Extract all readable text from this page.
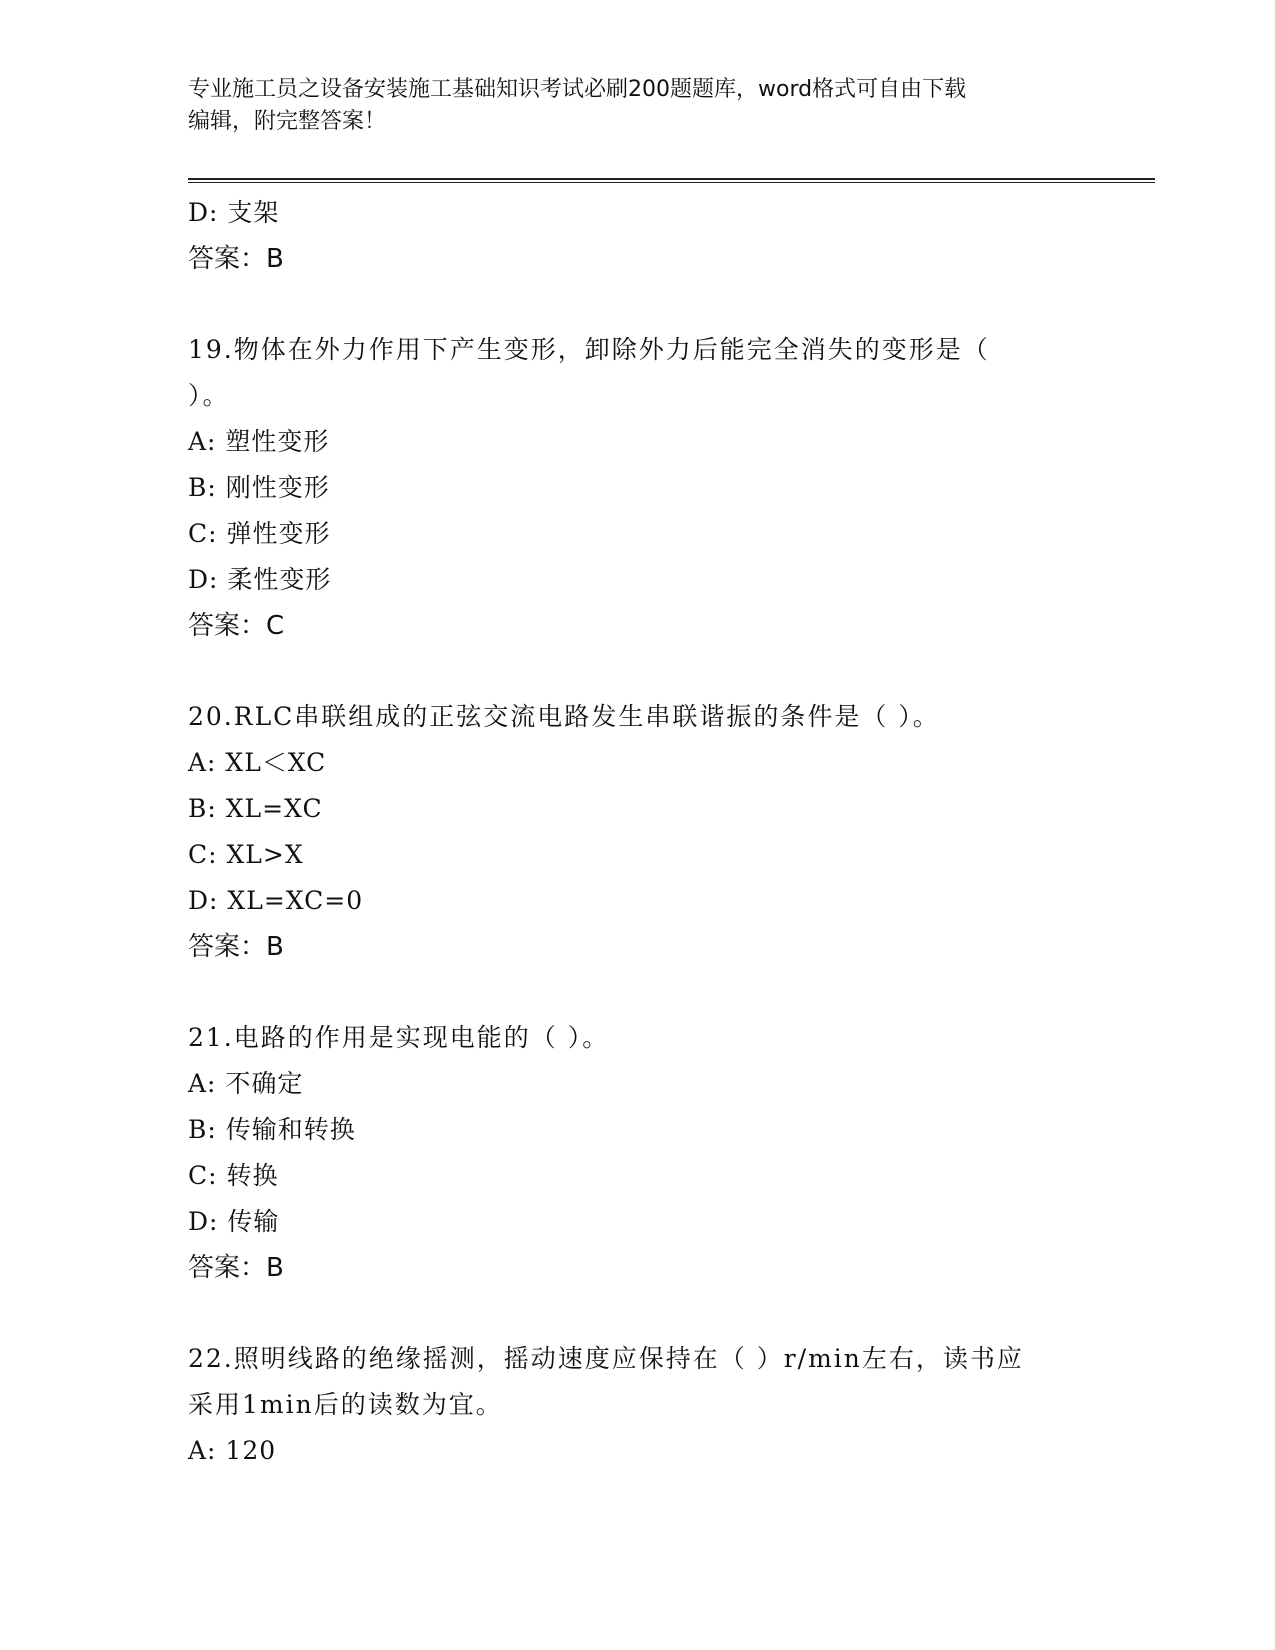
专业施工员之设备安装施工基础知识考试必刷200题题库，word格式可自由下载
编辑，附完整答案！
D: 支架
答案：B
19.物体在外力作用下产生变形，卸除外力后能完全消失的变形是（
）。
A: 塑性变形
B: 刚性变形
C: 弹性变形
D: 柔性变形
答案：C
20.RLC串联组成的正弦交流电路发生串联谐振的条件是（ ）。
A: XL＜XC
B: XL=XC
C: XL>X
D: XL=XC=0
答案：B
21.电路的作用是实现电能的（ ）。
A: 不确定
B: 传输和转换
C: 转换
D: 传输
答案：B
22.照明线路的绝缘摇测，摇动速度应保持在（ ）r/min左右，读书应
采用1min后的读数为宜。
A: 120
